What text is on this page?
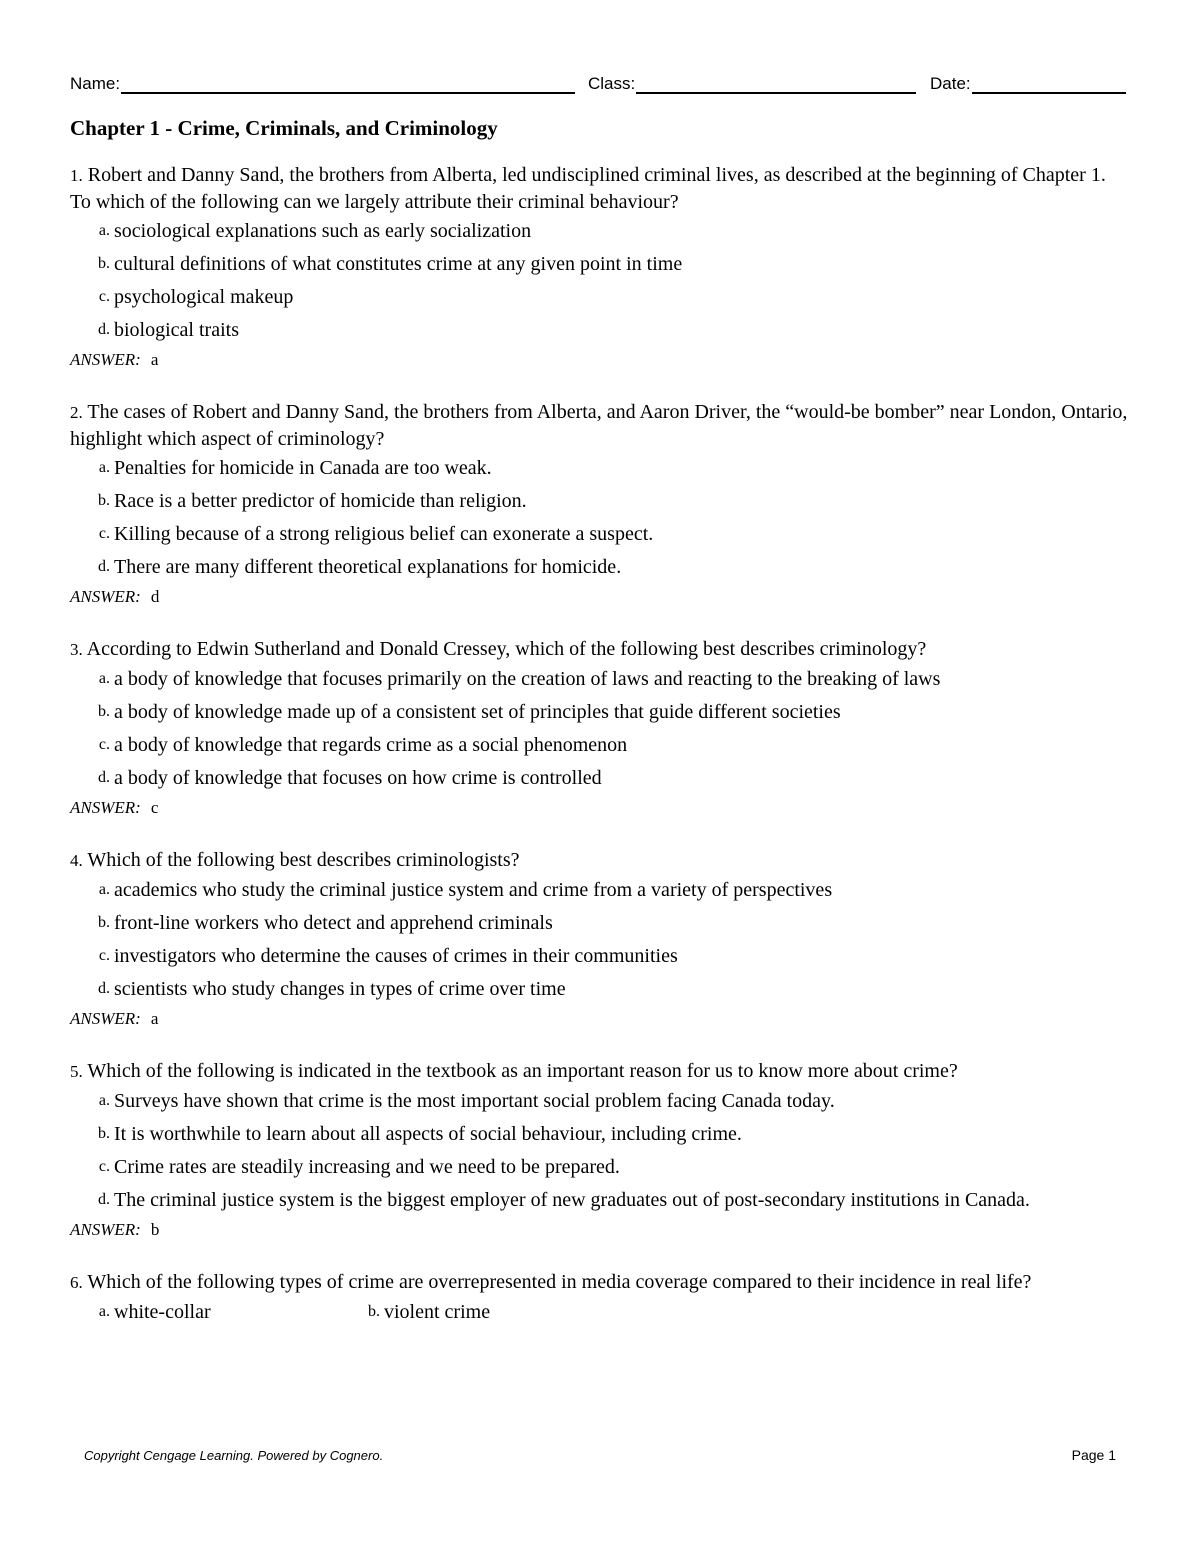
Name:	Class:	Date:
Chapter 1 - Crime, Criminals, and Criminology

1. Robert and Danny Sand, the brothers from Alberta, led undisciplined criminal lives, as described at the beginning of Chapter 1. To which of the following can we largely attribute their criminal behaviour?

a. sociological explanations such as early socialization
b. cultural definitions of what constitutes crime at any given point in time
c. psychological makeup
d. biological traits
ANSWER: a

2. The cases of Robert and Danny Sand, the brothers from Alberta, and Aaron Driver, the “would-be bomber” near London, Ontario, highlight which aspect of criminology?

a. Penalties for homicide in Canada are too weak.
b. Race is a better predictor of homicide than religion.
c. Killing because of a strong religious belief can exonerate a suspect.
d. There are many different theoretical explanations for homicide.
ANSWER: d

3. According to Edwin Sutherland and Donald Cressey, which of the following best describes criminology?

a. a body of knowledge that focuses primarily on the creation of laws and reacting to the breaking of laws
b. a body of knowledge made up of a consistent set of principles that guide different societies
c. a body of knowledge that regards crime as a social phenomenon
d. a body of knowledge that focuses on how crime is controlled
ANSWER: c

4. Which of the following best describes criminologists?

a. academics who study the criminal justice system and crime from a variety of perspectives
b. front-line workers who detect and apprehend criminals
c. investigators who determine the causes of crimes in their communities
d. scientists who study changes in types of crime over time
ANSWER: a

5. Which of the following is indicated in the textbook as an important reason for us to know more about crime?

a. Surveys have shown that crime is the most important social problem facing Canada today.
b. It is worthwhile to learn about all aspects of social behaviour, including crime.
c. Crime rates are steadily increasing and we need to be prepared.
d. The criminal justice system is the biggest employer of new graduates out of post-secondary institutions in Canada.
ANSWER: b

6. Which of the following types of crime are overrepresented in media coverage compared to their incidence in real life?

a. white-collar	b. violent crime
Copyright Cengage Learning. Powered by Cognero.	Page 1
